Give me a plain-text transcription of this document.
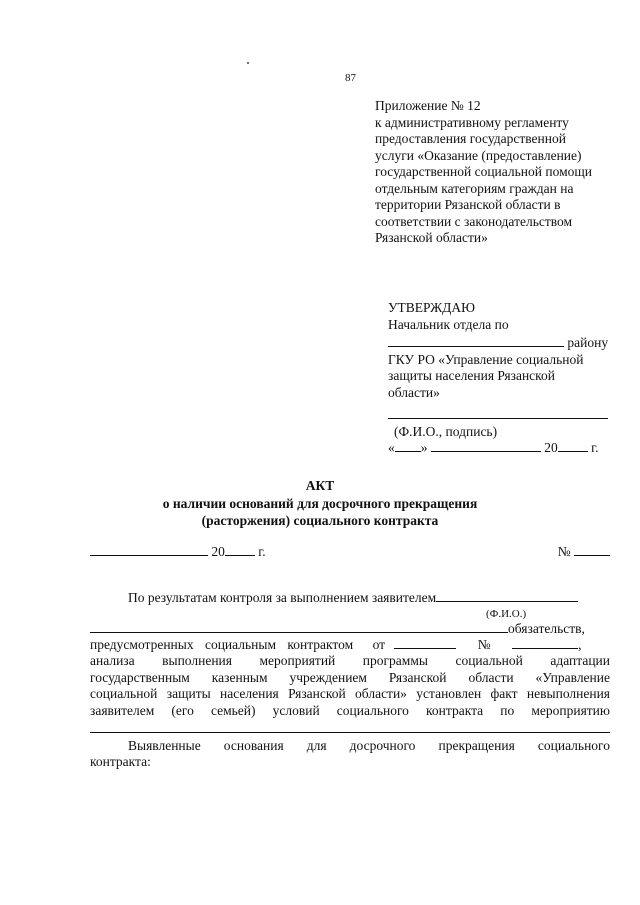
87
Приложение № 12
к административному регламенту
предоставления государственной
услуги «Оказание (предоставление)
государственной социальной помощи
отдельным категориям граждан на
территории Рязанской области в
соответствии с законодательством
Рязанской области»
УТВЕРЖДАЮ
Начальник отдела по
району
ГКУ РО «Управление социальной
защиты населения Рязанской
области»
(Ф.И.О., подпись)
« »	20 г.
АКТ
о наличии оснований для досрочного прекращения
(расторжения) социального контракта
20 г.	№
По результатам контроля за выполнением заявителем
(Ф.И.О.)
обязательств,
предусмотренных социальным контрактом от	№	,
анализа выполнения мероприятий программы социальной адаптации
государственным казенным учреждением Рязанской области «Управление
социальной защиты населения Рязанской области» установлен факт невыполнения
заявителем (его семьей) условий социального контракта по мероприятию
Выявленные основания для досрочного прекращения социального
контракта:
